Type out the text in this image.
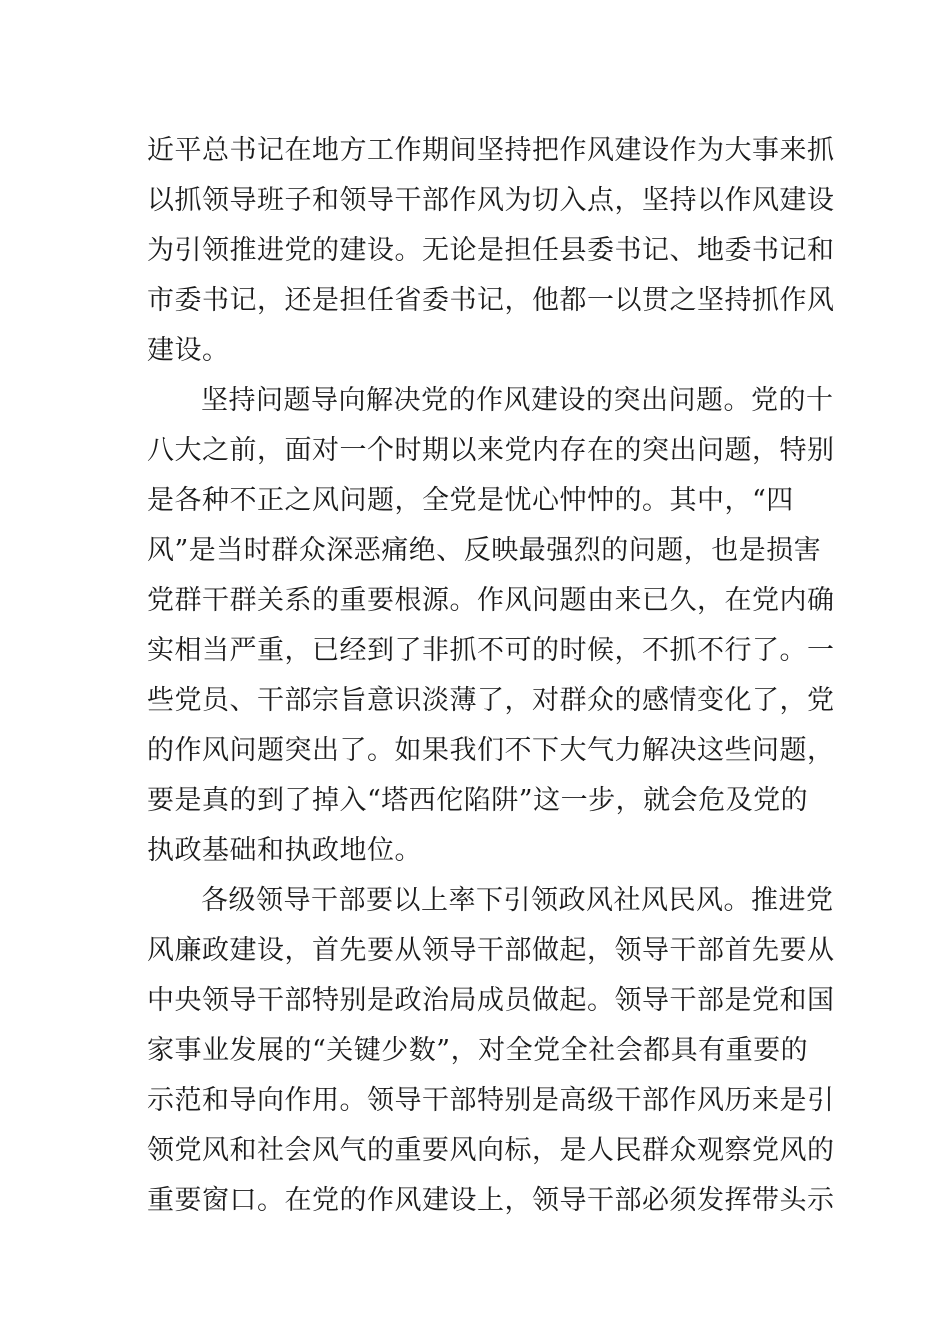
近平总书记在地方工作期间坚持把作风建设作为大事来抓
以抓领导班子和领导干部作风为切入点，坚持以作风建设
为引领推进党的建设。无论是担任县委书记、地委书记和
市委书记，还是担任省委书记，他都一以贯之坚持抓作风
建设。
坚持问题导向解决党的作风建设的突出问题。党的十
八大之前，面对一个时期以来党内存在的突出问题，特别
是各种不正之风问题，全党是忧心忡忡的。其中，“四
风”是当时群众深恶痛绝、反映最强烈的问题，也是损害
党群干群关系的重要根源。作风问题由来已久，在党内确
实相当严重，已经到了非抓不可的时候，不抓不行了。一
些党员、干部宗旨意识淡薄了，对群众的感情变化了，党
的作风问题突出了。如果我们不下大气力解决这些问题，
要是真的到了掉入“塔西佗陷阱”这一步，就会危及党的
执政基础和执政地位。
各级领导干部要以上率下引领政风社风民风。推进党
风廉政建设，首先要从领导干部做起，领导干部首先要从
中央领导干部特别是政治局成员做起。领导干部是党和国
家事业发展的“关键少数”，对全党全社会都具有重要的
示范和导向作用。领导干部特别是高级干部作风历来是引
领党风和社会风气的重要风向标，是人民群众观察党风的
重要窗口。在党的作风建设上，领导干部必须发挥带头示
